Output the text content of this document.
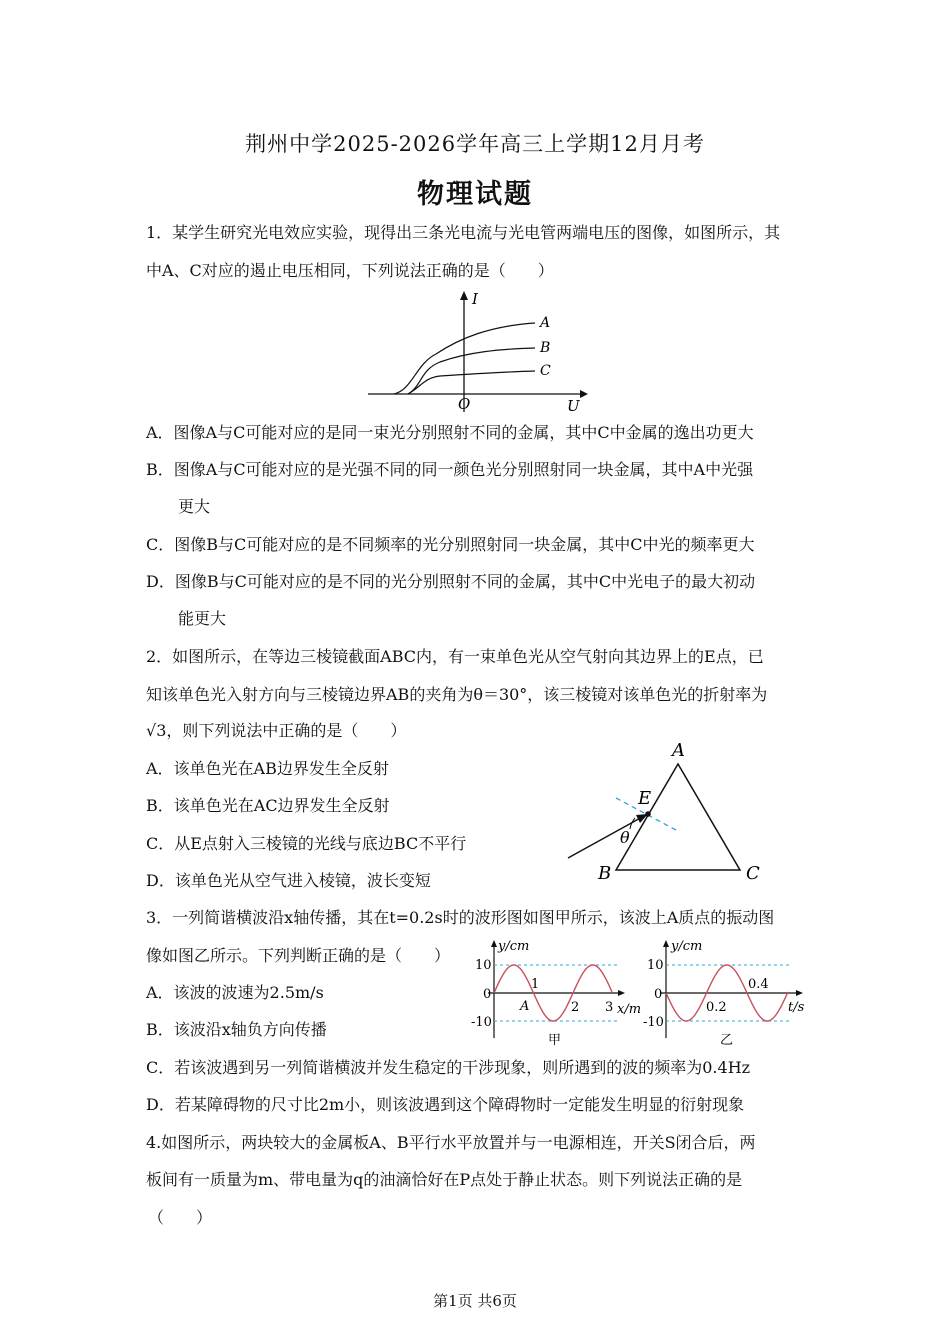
荆州中学2025-2026学年高三上学期12月月考
物理试题
1．某学生研究光电效应实验，现得出三条光电流与光电管两端电压的图像，如图所示，其
中A、C对应的遏止电压相同，下列说法正确的是（　　）
I
U
O
A
B
C
A．图像A与C可能对应的是同一束光分别照射不同的金属，其中C中金属的逸出功更大
B．图像A与C可能对应的是光强不同的同一颜色光分别照射同一块金属，其中A中光强
更大
C．图像B与C可能对应的是不同频率的光分别照射同一块金属，其中C中光的频率更大
D．图像B与C可能对应的是不同的光分别照射不同的金属，其中C中光电子的最大初动
能更大
2．如图所示，在等边三棱镜截面ABC内，有一束单色光从空气射向其边界上的E点，已
知该单色光入射方向与三棱镜边界AB的夹角为θ＝30°，该三棱镜对该单色光的折射率为
√3，则下列说法中正确的是（　　）
A
B	C
E
θ
A．该单色光在AB边界发生全反射
B．该单色光在AC边界发生全反射
C．从E点射入三棱镜的光线与底边BC不平行
D．该单色光从空气进入棱镜，波长变短
3．一列简谐横波沿x轴传播，其在t=0.2s时的波形图如图甲所示，该波上A质点的振动图
像如图乙所示。下列判断正确的是（　　）	y/cm
x/m
10
-10
0
1
2 3
A
甲
y/cm
t/s
10
-10
0
0.2
0.4
乙
A．该波的波速为2.5m/s
B．该波沿x轴负方向传播
C．若该波遇到另一列简谐横波并发生稳定的干涉现象，则所遇到的波的频率为0.4Hz
D．若某障碍物的尺寸比2m小，则该波遇到这个障碍物时一定能发生明显的衍射现象
4.如图所示，两块较大的金属板A、B平行水平放置并与一电源相连，开关S闭合后，两
板间有一质量为m、带电量为q的油滴恰好在P点处于静止状态。则下列说法正确的是
（　　）
第1页 共6页
